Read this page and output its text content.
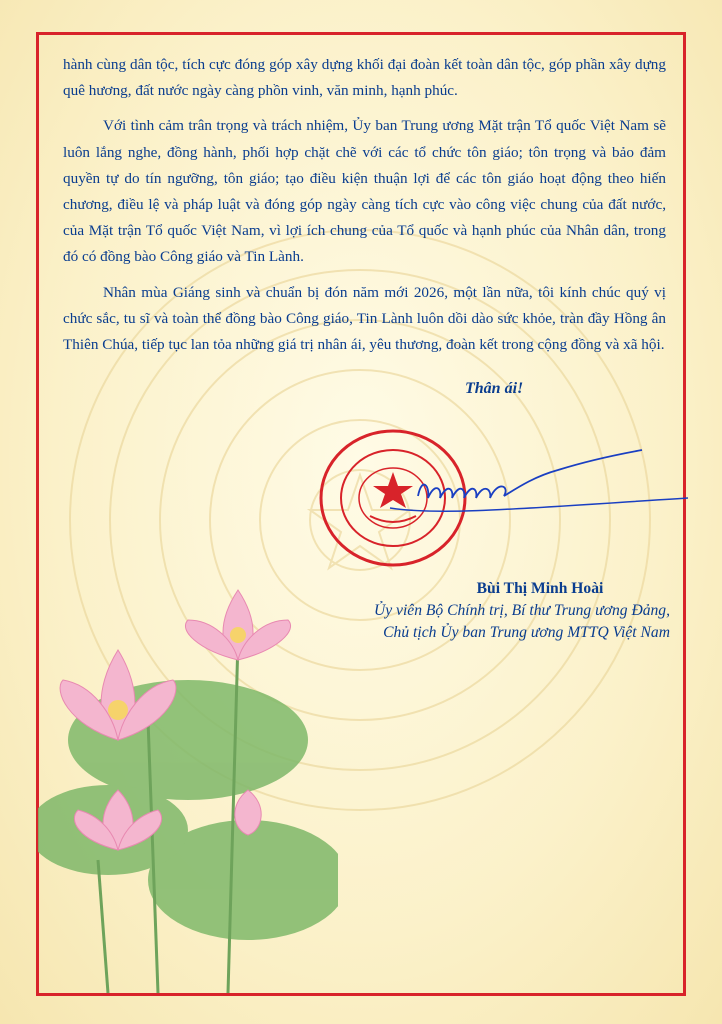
hành cùng dân tộc, tích cực đóng góp xây dựng khối đại đoàn kết toàn dân tộc, góp phần xây dựng quê hương, đất nước ngày càng phồn vinh, văn minh, hạnh phúc.

Với tình cảm trân trọng và trách nhiệm, Ủy ban Trung ương Mặt trận Tổ quốc Việt Nam sẽ luôn lắng nghe, đồng hành, phối hợp chặt chẽ với các tổ chức tôn giáo; tôn trọng và bảo đảm quyền tự do tín ngưỡng, tôn giáo; tạo điều kiện thuận lợi để các tôn giáo hoạt động theo hiến chương, điều lệ và pháp luật và đóng góp ngày càng tích cực vào công việc chung của đất nước, của Mặt trận Tổ quốc Việt Nam, vì lợi ích chung của Tổ quốc và hạnh phúc của Nhân dân, trong đó có đồng bào Công giáo và Tin Lành.

Nhân mùa Giáng sinh và chuẩn bị đón năm mới 2026, một lần nữa, tôi kính chúc quý vị chức sắc, tu sĩ và toàn thể đồng bào Công giáo, Tin Lành luôn dồi dào sức khỏe, tràn đầy Hồng ân Thiên Chúa, tiếp tục lan tỏa những giá trị nhân ái, yêu thương, đoàn kết trong cộng đồng và xã hội.

Thân ái!
Bùi Thị Minh Hoài
Ủy viên Bộ Chính trị, Bí thư Trung ương Đảng,
Chủ tịch Ủy ban Trung ương MTTQ Việt Nam
